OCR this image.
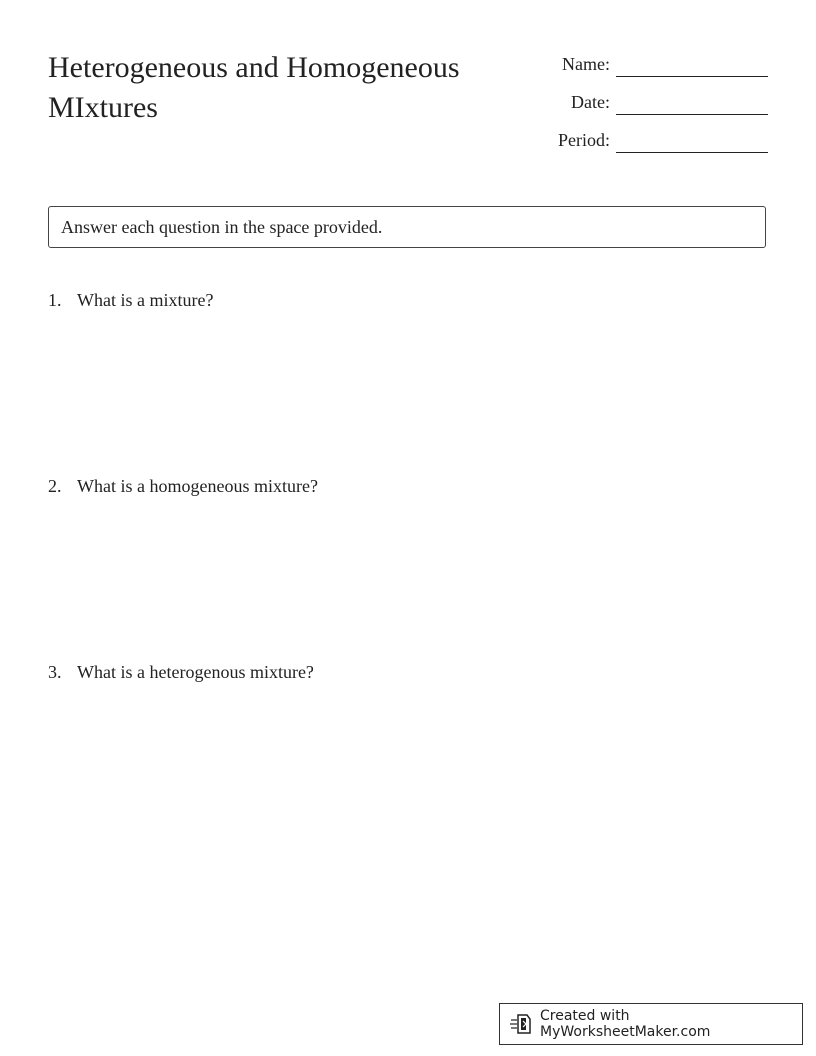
Heterogeneous and Homogeneous MIxtures
Name:
Date:
Period:
Answer each question in the space provided.
1. What is a mixture?
2. What is a homogeneous mixture?
3. What is a heterogenous mixture?
Created with MyWorksheetMaker.com
